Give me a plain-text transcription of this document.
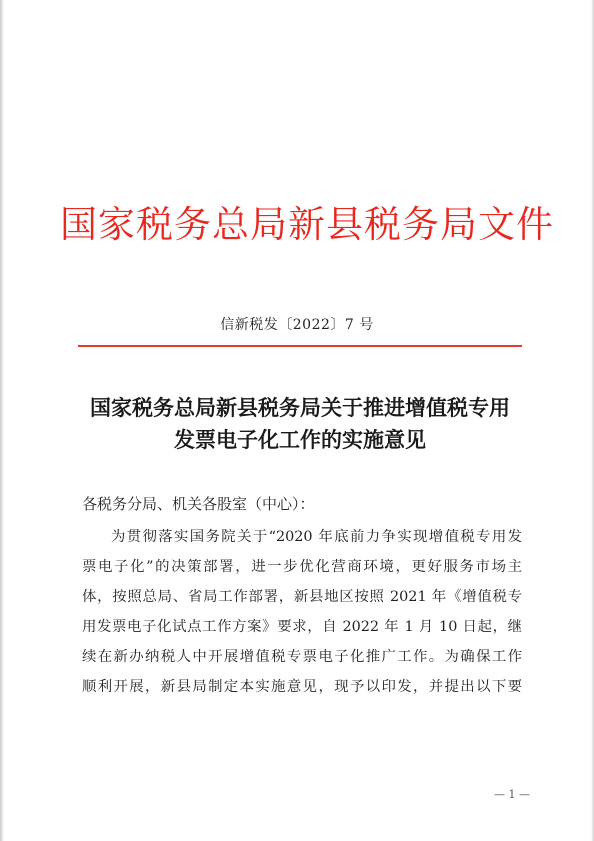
国家税务总局新县税务局文件
信新税发〔2022〕7 号
国家税务总局新县税务局关于推进增值税专用
发票电子化工作的实施意见
各税务分局、机关各股室（中心）：
为贯彻落实国务院关于“2020 年底前力争实现增值税专用发
票电子化”的决策部署，进一步优化营商环境，更好服务市场主
体，按照总局、省局工作部署，新县地区按照 2021 年《增值税专
用发票电子化试点工作方案》要求，自 2022 年 1 月 10 日起，继
续在新办纳税人中开展增值税专票电子化推广工作。为确保工作
顺利开展，新县局制定本实施意见，现予以印发，并提出以下要
— 1 —
